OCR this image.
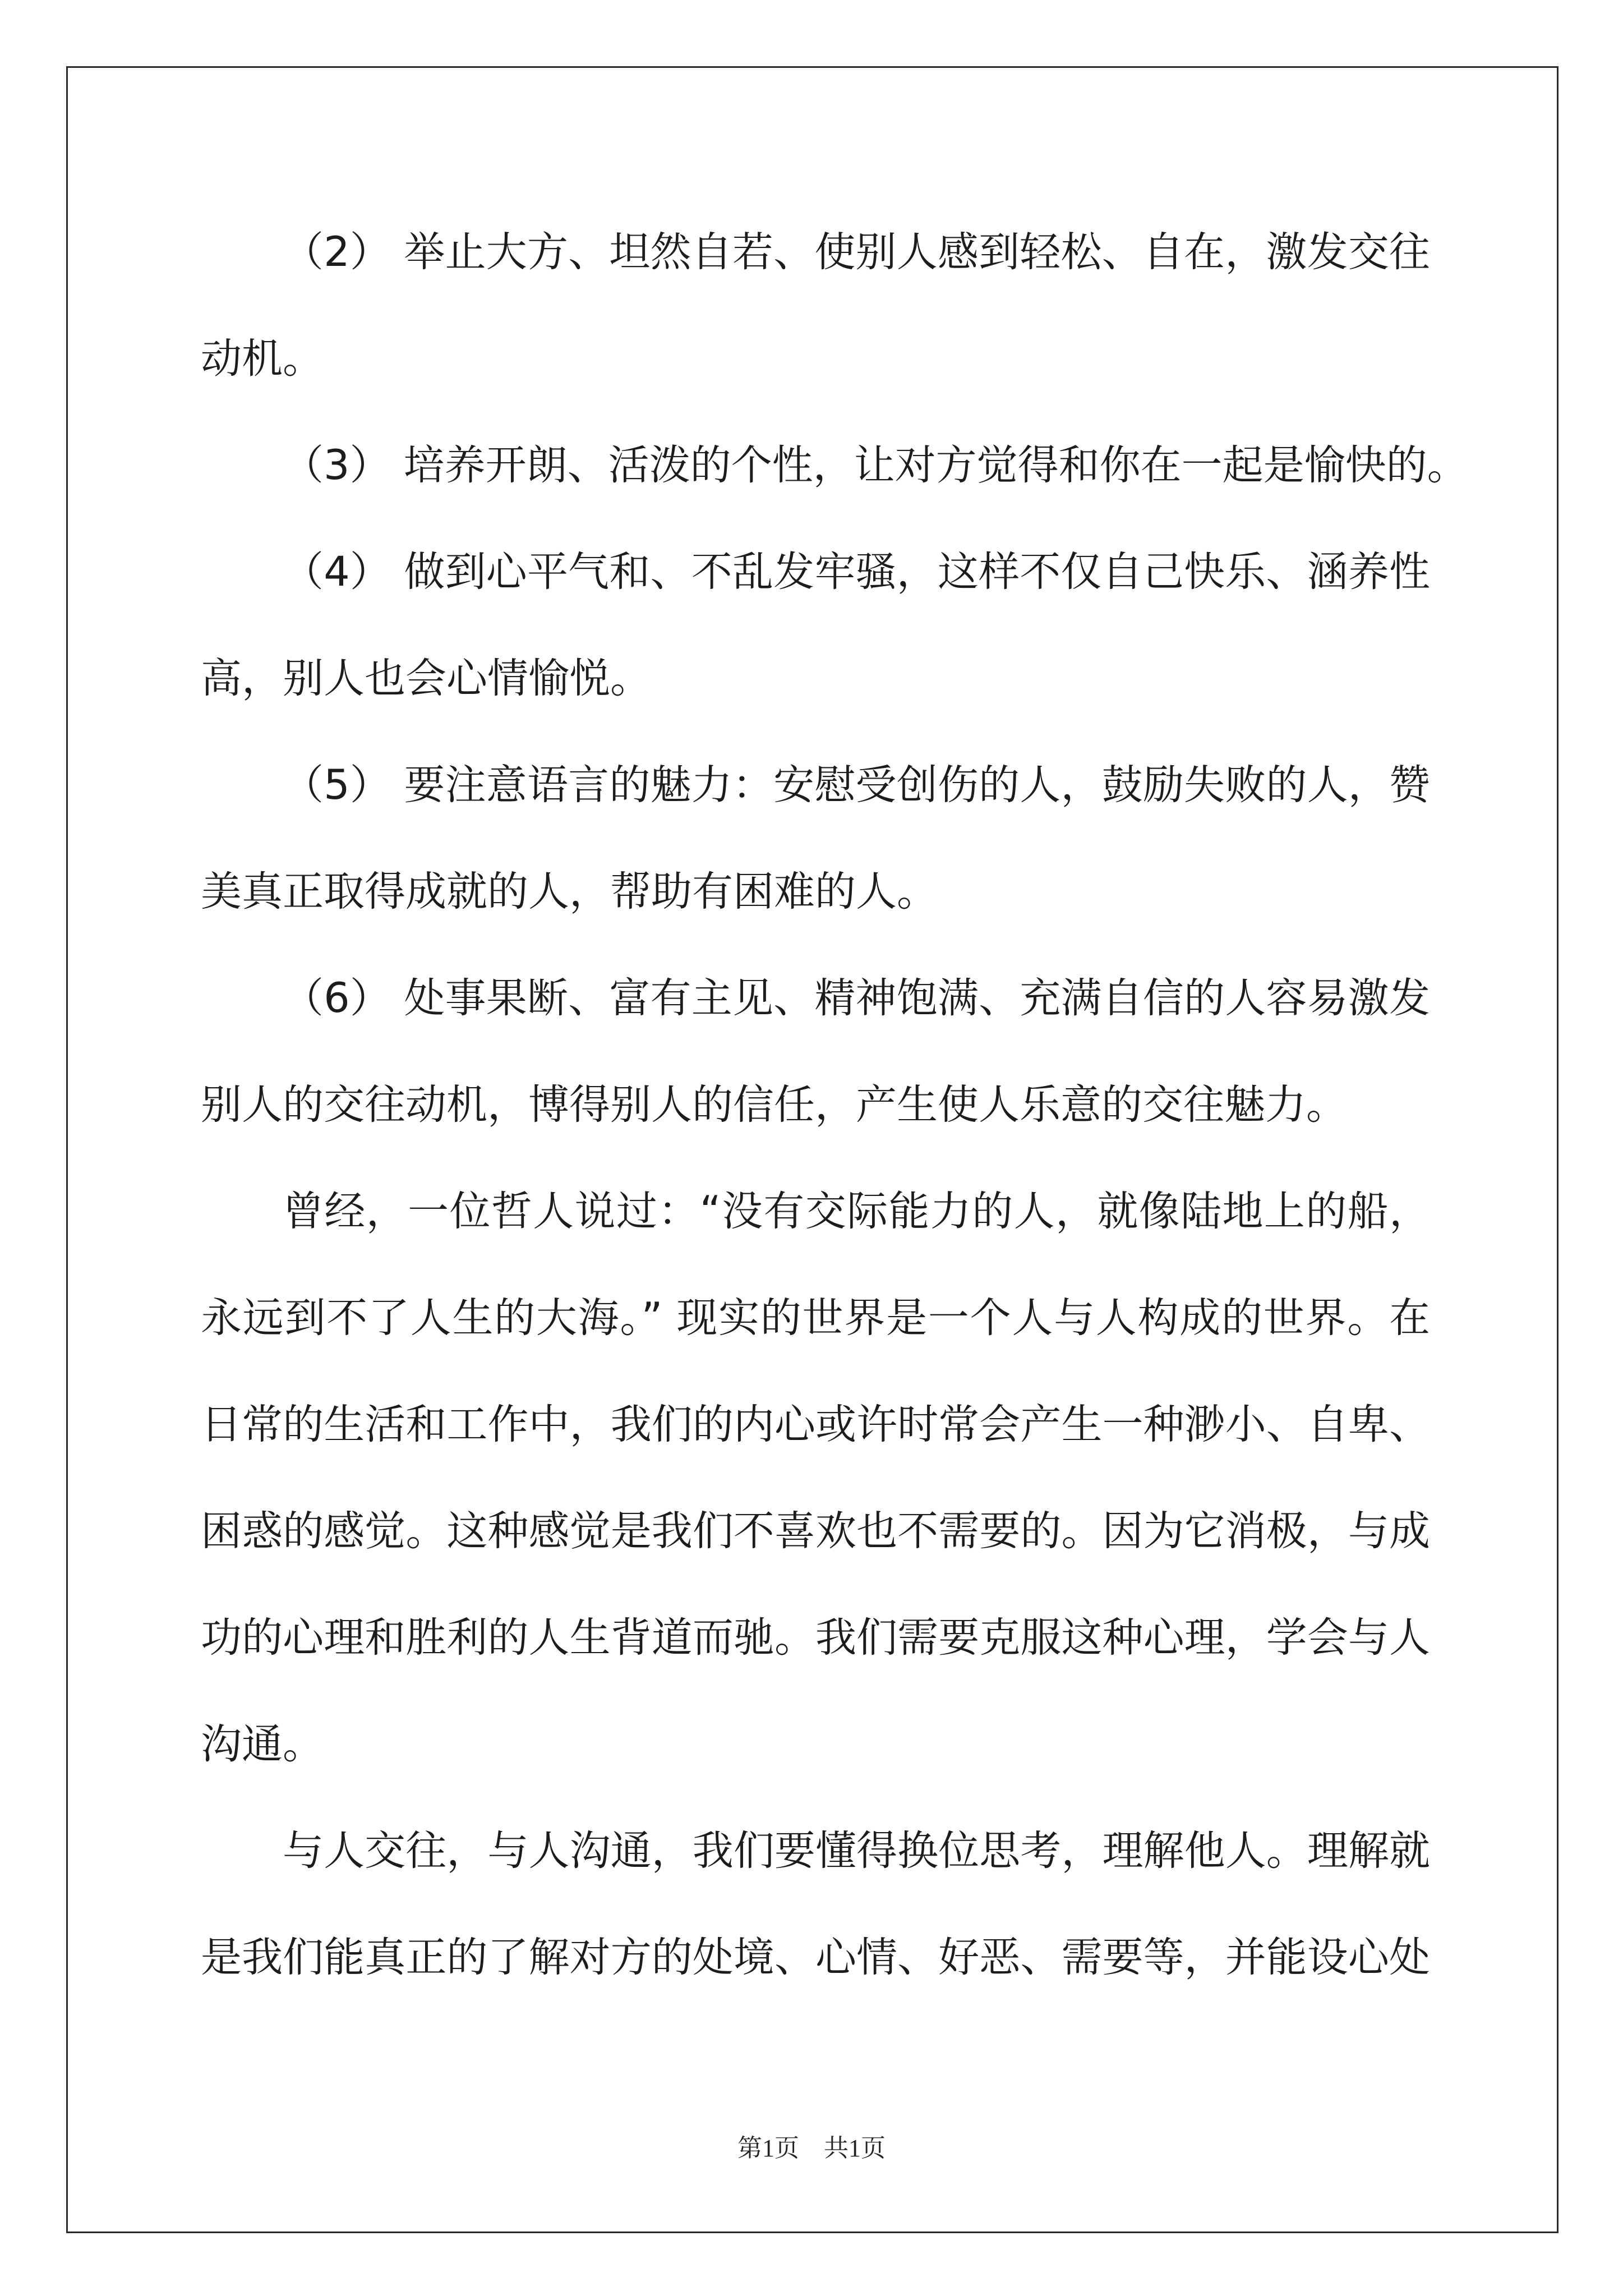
（2） 举止大方、坦然自若、使别人感到轻松、自在，激发交往
动机。
（3） 培养开朗、活泼的个性，让对方觉得和你在一起是愉快的。
（4） 做到心平气和、不乱发牢骚，这样不仅自己快乐、涵养性
高，别人也会心情愉悦。
（5） 要注意语言的魅力：安慰受创伤的人，鼓励失败的人，赞
美真正取得成就的人，帮助有困难的人。
（6） 处事果断、富有主见、精神饱满、充满自信的人容易激发
别人的交往动机，博得别人的信任，产生使人乐意的交往魅力。
曾经，一位哲人说过：“没有交际能力的人，就像陆地上的船，
永远到不了人生的大海。” 现实的世界是一个人与人构成的世界。在
日常的生活和工作中，我们的内心或许时常会产生一种渺小、自卑、
困惑的感觉。这种感觉是我们不喜欢也不需要的。因为它消极，与成
功的心理和胜利的人生背道而驰。我们需要克服这种心理，学会与人
沟通。
与人交往，与人沟通，我们要懂得换位思考，理解他人。理解就
是我们能真正的了解对方的处境、心情、好恶、需要等，并能设心处
第1页　共1页
